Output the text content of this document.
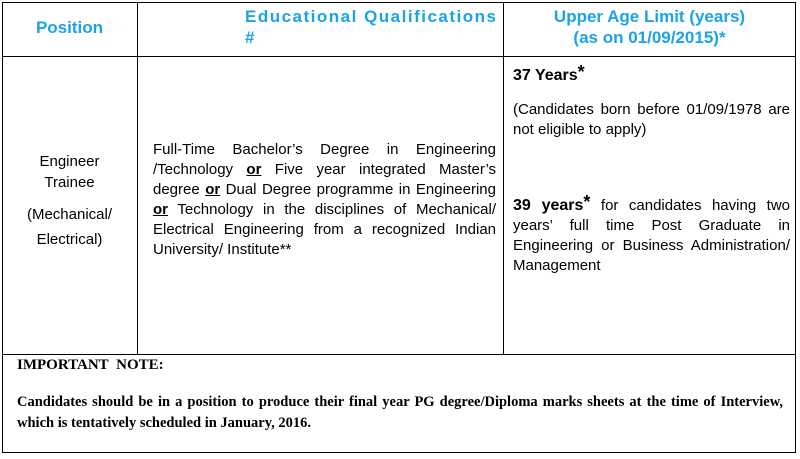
Position
Educational Qualifications
#
Upper Age Limit (years)
(as on 01/09/2015)*
Engineer
Trainee
(Mechanical/
Electrical)
Full-Time Bachelor’s Degree in Engineering /Technology or Five year integrated Master’s degree or Dual Degree programme in Engineering or Technology in the disciplines of Mechanical/ Electrical Engineering from a recognized Indian University/ Institute**
37 Years*
(Candidates born before 01/09/1978 are not eligible to apply)
39 years* for candidates having two years’ full time Post Graduate in Engineering or Business Administration/ Management
IMPORTANT NOTE:
Candidates should be in a position to produce their final year PG degree/Diploma marks sheets at the time of Interview, which is tentatively scheduled in January, 2016.
